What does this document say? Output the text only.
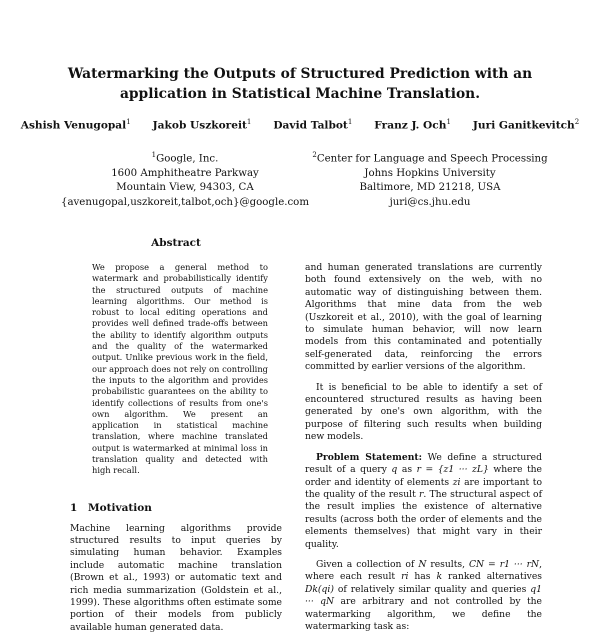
Watermarking the Outputs of Structured Prediction with an
application in Statistical Machine Translation.
Ashish Venugopal$^1$ Jakob Uszkoreit$^1$ David Talbot$^1$ Franz J. Och$^1$ Juri Ganitkevitch$^2$
$^1$Google, Inc.
1600 Amphitheatre Parkway
Mountain View, 94303, CA
{avenugopal,uszkoreit,talbot,och}@google.com
$^2$Center for Language and Speech Processing
Johns Hopkins University
Baltimore, MD 21218, USA
juri@cs.jhu.edu
Abstract

We propose a general method to watermark and probabilistically identify the structured outputs of machine learning algorithms. Our method is robust to local editing operations and provides well defined trade-offs between the ability to identify algorithm outputs and the quality of the watermarked output. Unlike previous work in the field, our approach does not rely on controlling the inputs to the algorithm and provides probabilistic guarantees on the ability to identify collections of results from one's own algorithm. We present an application in statistical machine translation, where machine translated output is watermarked at minimal loss in translation quality and detected with high recall.

1 Motivation

Machine learning algorithms provide structured results to input queries by simulating human behavior. Examples include automatic machine translation (Brown et al., 1993) or automatic text and rich media summarization (Goldstein et al., 1999). These algorithms often estimate some portion of their models from publicly available human generated data.

and human generated translations are currently both found extensively on the web, with no automatic way of distinguishing between them. Algorithms that mine data from the web (Uszkoreit et al., 2010), with the goal of learning to simulate human behavior, will now learn models from this contaminated and potentially self-generated data, reinforcing the errors committed by earlier versions of the algorithm.

It is beneficial to be able to identify a set of encountered structured results as having been generated by one's own algorithm, with the purpose of filtering such results when building new models.

Problem Statement: We define a structured result of a query q as r = {z1 ··· zL} where the order and identity of elements zi are important to the quality of the result r. The structural aspect of the result implies the existence of alternative results (across both the order of elements and the elements themselves) that might vary in their quality.

Given a collection of N results, CN = r1 ··· rN, where each result ri has k ranked alternatives Dk(qi) of relatively similar quality and queries q1 ··· qN are arbitrary and not controlled by the watermarking algorithm, we define the watermarking task as:
